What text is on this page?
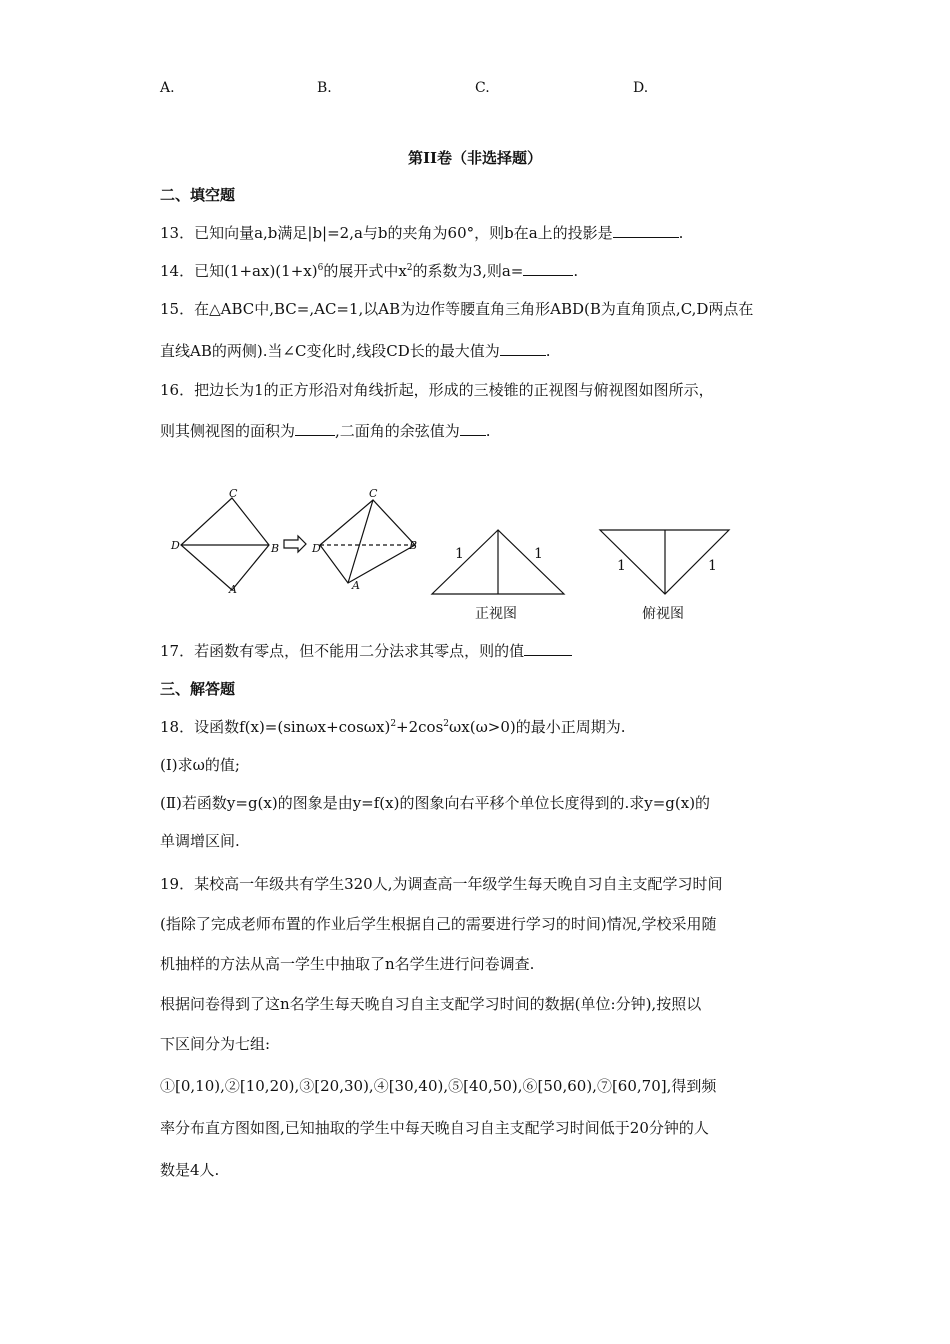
A.	B.	C.	D.
第II卷（非选择题）
二、填空题
13．已知向量a,b满足|b|=2,a与b的夹角为60°，则b在a上的投影是	.
14．已知$(1+ax)(1+x)^6$的展开式中$x^2$的系数为3,则a=	.
15．在△ABC中,BC=,AC=1,以AB为边作等腰直角三角形ABD(B为直角顶点,C,D两点在
直线AB的两侧).当∠C变化时,线段CD长的最大值为	.
16．把边长为1的正方形沿对角线折起，形成的三棱锥的正视图与俯视图如图所示，
则其侧视图的面积为	,二面角的余弦值为 .
C
D	B
A
C
D	B
A
1	1
1	1
正视图	俯视图
17．若函数有零点，但不能用二分法求其零点，则的值
三、解答题
18．设函数$f(x)=(\sin\omega x+\cos\omega x)^2+2\cos^2\omega x(\omega>0)$的最小正周期为.
(Ⅰ)求ω的值;
(Ⅱ)若函数y=g(x)的图象是由y=f(x)的图象向右平移个单位长度得到的.求y=g(x)的
单调增区间.
19．某校高一年级共有学生320人,为调查高一年级学生每天晚自习自主支配学习时间
(指除了完成老师布置的作业后学生根据自己的需要进行学习的时间)情况,学校采用随
机抽样的方法从高一学生中抽取了n名学生进行问卷调查.
根据问卷得到了这n名学生每天晚自习自主支配学习时间的数据(单位:分钟),按照以
下区间分为七组:
①[0,10),②[10,20),③[20,30),④[30,40),⑤[40,50),⑥[50,60),⑦[60,70],得到频
率分布直方图如图,已知抽取的学生中每天晚自习自主支配学习时间低于20分钟的人
数是4人.
